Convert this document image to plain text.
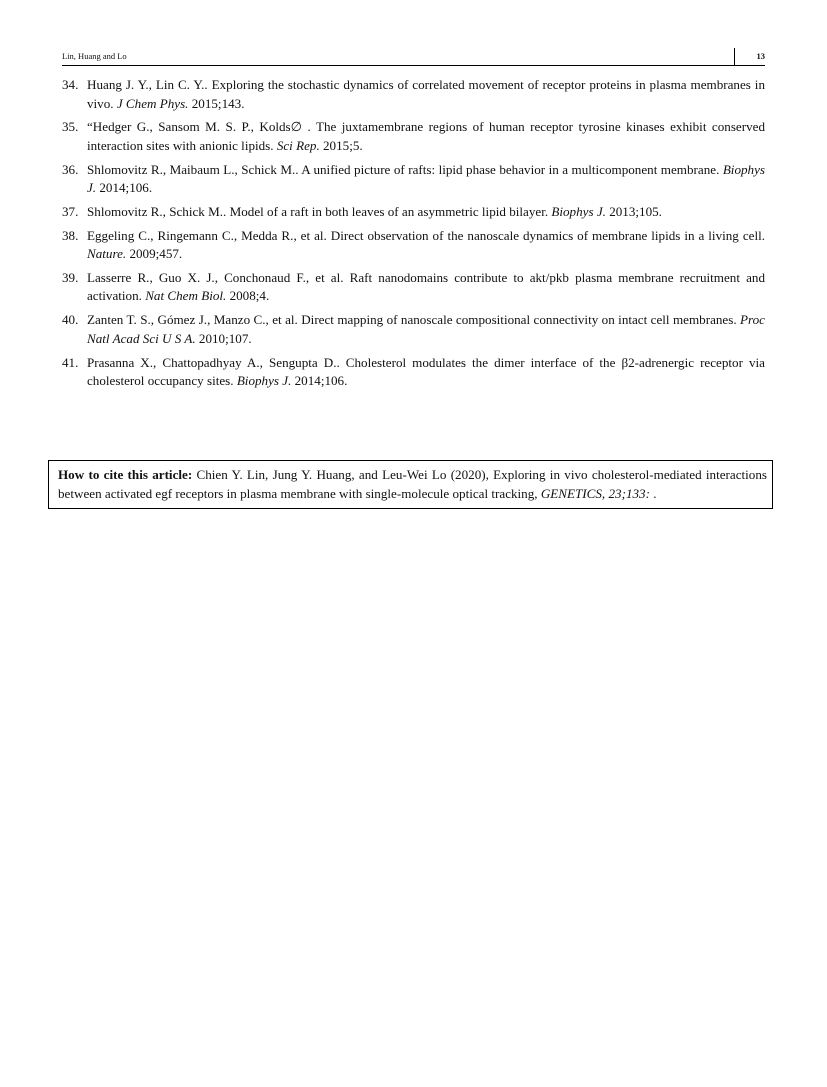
Lin, Huang and Lo	13
34. Huang J. Y., Lin C. Y.. Exploring the stochastic dynamics of correlated movement of receptor proteins in plasma membranes in vivo. J Chem Phys. 2015;143.
35. “Hedger G., Sansom M. S. P., Kolds∅ . The juxtamembrane regions of human receptor tyrosine kinases exhibit conserved interaction sites with anionic lipids. Sci Rep. 2015;5.
36. Shlomovitz R., Maibaum L., Schick M.. A unified picture of rafts: lipid phase behavior in a multicomponent membrane. Biophys J. 2014;106.
37. Shlomovitz R., Schick M.. Model of a raft in both leaves of an asymmetric lipid bilayer. Biophys J. 2013;105.
38. Eggeling C., Ringemann C., Medda R., et al. Direct observation of the nanoscale dynamics of membrane lipids in a living cell. Nature. 2009;457.
39. Lasserre R., Guo X. J., Conchonaud F., et al. Raft nanodomains contribute to akt/pkb plasma membrane recruitment and activation. Nat Chem Biol. 2008;4.
40. Zanten T. S., Gómez J., Manzo C., et al. Direct mapping of nanoscale compositional connectivity on intact cell membranes. Proc Natl Acad Sci U S A. 2010;107.
41. Prasanna X., Chattopadhyay A., Sengupta D.. Cholesterol modulates the dimer interface of the β2-adrenergic receptor via cholesterol occupancy sites. Biophys J. 2014;106.
How to cite this article: Chien Y. Lin, Jung Y. Huang, and Leu-Wei Lo (2020), Exploring in vivo cholesterol-mediated interactions between activated egf receptors in plasma membrane with single-molecule optical tracking, GENETICS, 23;133: .
